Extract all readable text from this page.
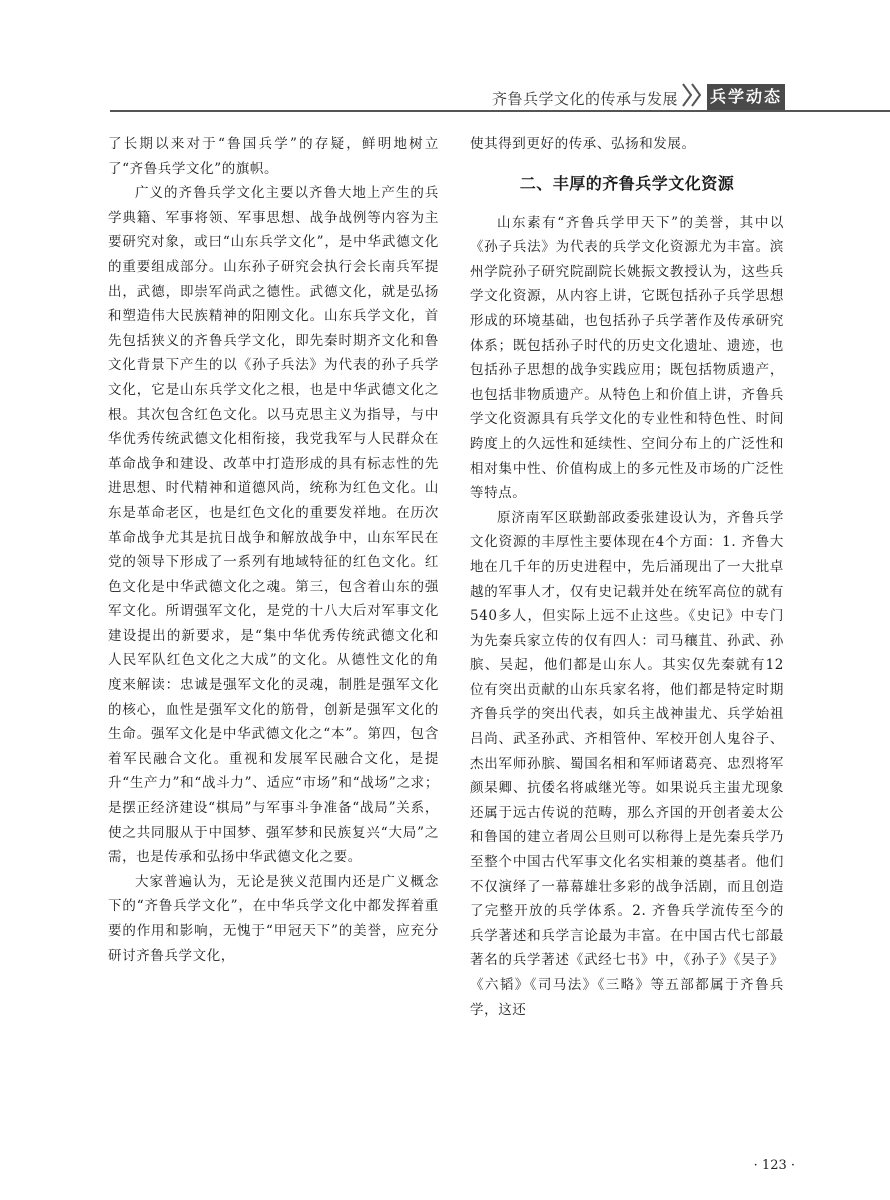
齐鲁兵学文化的传承与发展 兵学动态

了长期以来对于“鲁国兵学”的存疑，鲜明地树立了“齐鲁兵学文化”的旗帜。

广义的齐鲁兵学文化主要以齐鲁大地上产生的兵学典籍、军事将领、军事思想、战争战例等内容为主要研究对象，或曰“山东兵学文化”，是中华武德文化的重要组成部分。山东孙子研究会执行会长南兵军提出，武德，即崇军尚武之德性。武德文化，就是弘扬和塑造伟大民族精神的阳刚文化。山东兵学文化，首先包括狭义的齐鲁兵学文化，即先秦时期齐文化和鲁文化背景下产生的以《孙子兵法》为代表的孙子兵学文化，它是山东兵学文化之根，也是中华武德文化之根。其次包含红色文化。以马克思主义为指导，与中华优秀传统武德文化相衔接，我党我军与人民群众在革命战争和建设、改革中打造形成的具有标志性的先进思想、时代精神和道德风尚，统称为红色文化。山东是革命老区，也是红色文化的重要发祥地。在历次革命战争尤其是抗日战争和解放战争中，山东军民在党的领导下形成了一系列有地域特征的红色文化。红色文化是中华武德文化之魂。第三，包含着山东的强军文化。所谓强军文化，是党的十八大后对军事文化建设提出的新要求，是“集中华优秀传统武德文化和人民军队红色文化之大成”的文化。从德性文化的角度来解读：忠诚是强军文化的灵魂，制胜是强军文化的核心，血性是强军文化的筋骨，创新是强军文化的生命。强军文化是中华武德文化之“本”。第四，包含着军民融合文化。重视和发展军民融合文化，是提升“生产力”和“战斗力”、适应“市场”和“战场”之求；是摆正经济建设“棋局”与军事斗争准备“战局”关系，使之共同服从于中国梦、强军梦和民族复兴“大局”之需，也是传承和弘扬中华武德文化之要。

大家普遍认为，无论是狭义范围内还是广义概念下的“齐鲁兵学文化”，在中华兵学文化中都发挥着重要的作用和影响，无愧于“甲冠天下”的美誉，应充分研讨齐鲁兵学文化，

使其得到更好的传承、弘扬和发展。

二、丰厚的齐鲁兵学文化资源

山东素有“齐鲁兵学甲天下”的美誉，其中以《孙子兵法》为代表的兵学文化资源尤为丰富。滨州学院孙子研究院副院长姚振文教授认为，这些兵学文化资源，从内容上讲，它既包括孙子兵学思想形成的环境基础，也包括孙子兵学著作及传承研究体系；既包括孙子时代的历史文化遗址、遗迹，也包括孙子思想的战争实践应用；既包括物质遗产，也包括非物质遗产。从特色上和价值上讲，齐鲁兵学文化资源具有兵学文化的专业性和特色性、时间跨度上的久远性和延续性、空间分布上的广泛性和相对集中性、价值构成上的多元性及市场的广泛性等特点。

原济南军区联勤部政委张建设认为，齐鲁兵学文化资源的丰厚性主要体现在4个方面：1. 齐鲁大地在几千年的历史进程中，先后涌现出了一大批卓越的军事人才，仅有史记载并处在统军高位的就有540多人，但实际上远不止这些。《史记》中专门为先秦兵家立传的仅有四人：司马穰苴、孙武、孙膑、吴起，他们都是山东人。其实仅先秦就有12位有突出贡献的山东兵家名将，他们都是特定时期齐鲁兵学的突出代表，如兵主战神蚩尤、兵学始祖吕尚、武圣孙武、齐相管仲、军校开创人鬼谷子、杰出军师孙膑、蜀国名相和军师诸葛亮、忠烈将军颜杲卿、抗倭名将戚继光等。如果说兵主蚩尤现象还属于远古传说的范畴，那么齐国的开创者姜太公和鲁国的建立者周公旦则可以称得上是先秦兵学乃至整个中国古代军事文化名实相兼的奠基者。他们不仅演绎了一幕幕雄壮多彩的战争活剧，而且创造了完整开放的兵学体系。2. 齐鲁兵学流传至今的兵学著述和兵学言论最为丰富。在中国古代七部最著名的兵学著述《武经七书》中，《孙子》《吴子》《六韬》《司马法》《三略》等五部都属于齐鲁兵学，这还

· 123 ·
